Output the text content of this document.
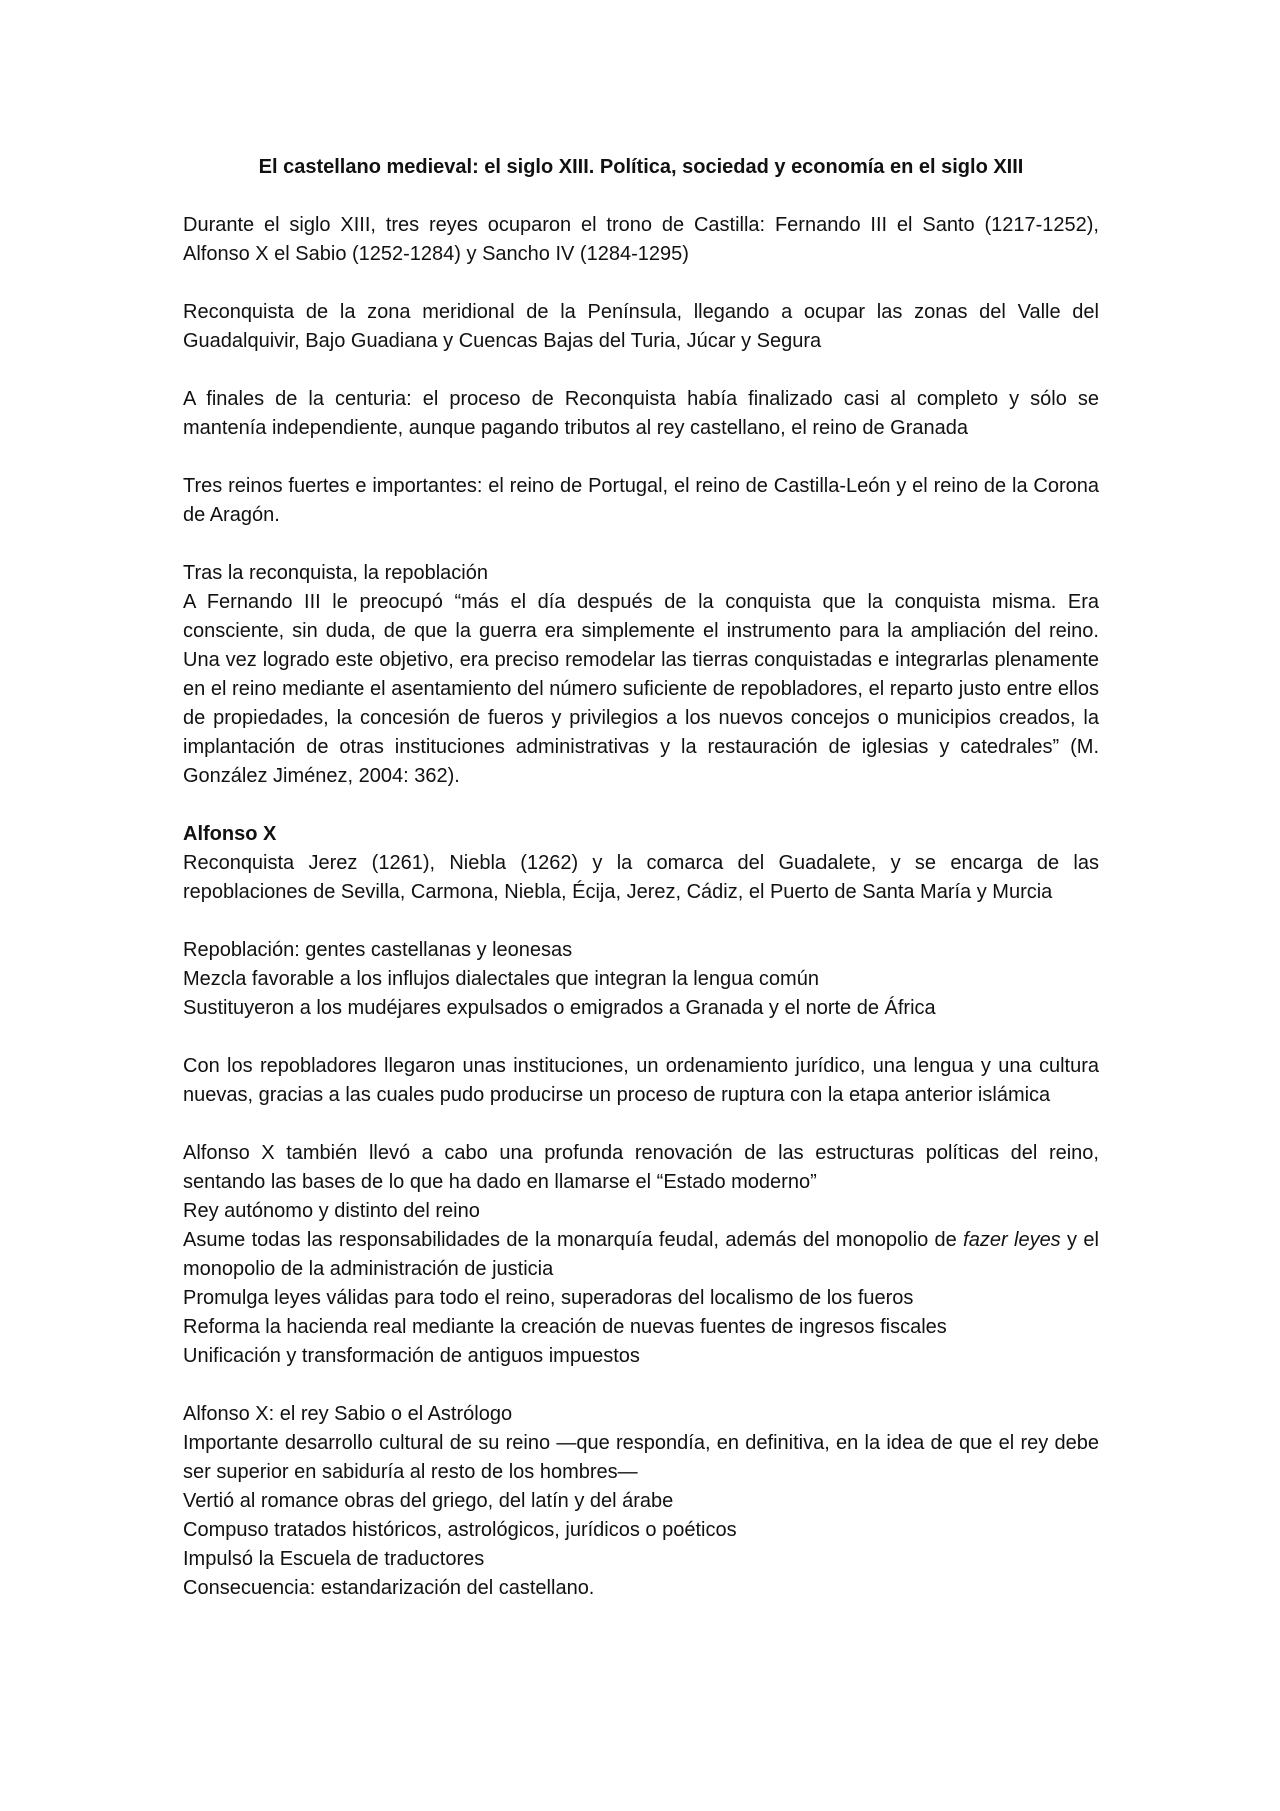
El castellano medieval: el siglo XIII. Política, sociedad y economía en el siglo XIII

Durante el siglo XIII, tres reyes ocuparon el trono de Castilla: Fernando III el Santo (1217-1252), Alfonso X el Sabio (1252-1284) y Sancho IV (1284-1295)

Reconquista de la zona meridional de la Península, llegando a ocupar las zonas del Valle del Guadalquivir, Bajo Guadiana y Cuencas Bajas del Turia, Júcar y Segura

A finales de la centuria: el proceso de Reconquista había finalizado casi al completo y sólo se mantenía independiente, aunque pagando tributos al rey castellano, el reino de Granada

Tres reinos fuertes e importantes: el reino de Portugal, el reino de Castilla-León y el reino de la Corona de Aragón.

Tras la reconquista, la repoblación
A Fernando III le preocupó “más el día después de la conquista que la conquista misma. Era consciente, sin duda, de que la guerra era simplemente el instrumento para la ampliación del reino. Una vez logrado este objetivo, era preciso remodelar las tierras conquistadas e integrarlas plenamente en el reino mediante el asentamiento del número suficiente de repobladores, el reparto justo entre ellos de propiedades, la concesión de fueros y privilegios a los nuevos concejos o municipios creados, la implantación de otras instituciones administrativas y la restauración de iglesias y catedrales” (M. González Jiménez, 2004: 362).
Alfonso X
Reconquista Jerez (1261), Niebla (1262) y la comarca del Guadalete, y se encarga de las repoblaciones de Sevilla, Carmona, Niebla, Écija, Jerez, Cádiz, el Puerto de Santa María y Murcia
Repoblación: gentes castellanas y leonesas
Mezcla favorable a los influjos dialectales que integran la lengua común
Sustituyeron a los mudéjares expulsados o emigrados a Granada y el norte de África

Con los repobladores llegaron unas instituciones, un ordenamiento jurídico, una lengua y una cultura nuevas, gracias a las cuales pudo producirse un proceso de ruptura con la etapa anterior islámica

Alfonso X también llevó a cabo una profunda renovación de las estructuras políticas del reino, sentando las bases de lo que ha dado en llamarse el “Estado moderno”
Rey autónomo y distinto del reino
Asume todas las responsabilidades de la monarquía feudal, además del monopolio de fazer leyes y el monopolio de la administración de justicia
Promulga leyes válidas para todo el reino, superadoras del localismo de los fueros
Reforma la hacienda real mediante la creación de nuevas fuentes de ingresos fiscales
Unificación y transformación de antiguos impuestos
Alfonso X: el rey Sabio o el Astrólogo
Importante desarrollo cultural de su reino —que respondía, en definitiva, en la idea de que el rey debe ser superior en sabiduría al resto de los hombres—
Vertió al romance obras del griego, del latín y del árabe
Compuso tratados históricos, astrológicos, jurídicos o poéticos
Impulsó la Escuela de traductores
Consecuencia: estandarización del castellano.
